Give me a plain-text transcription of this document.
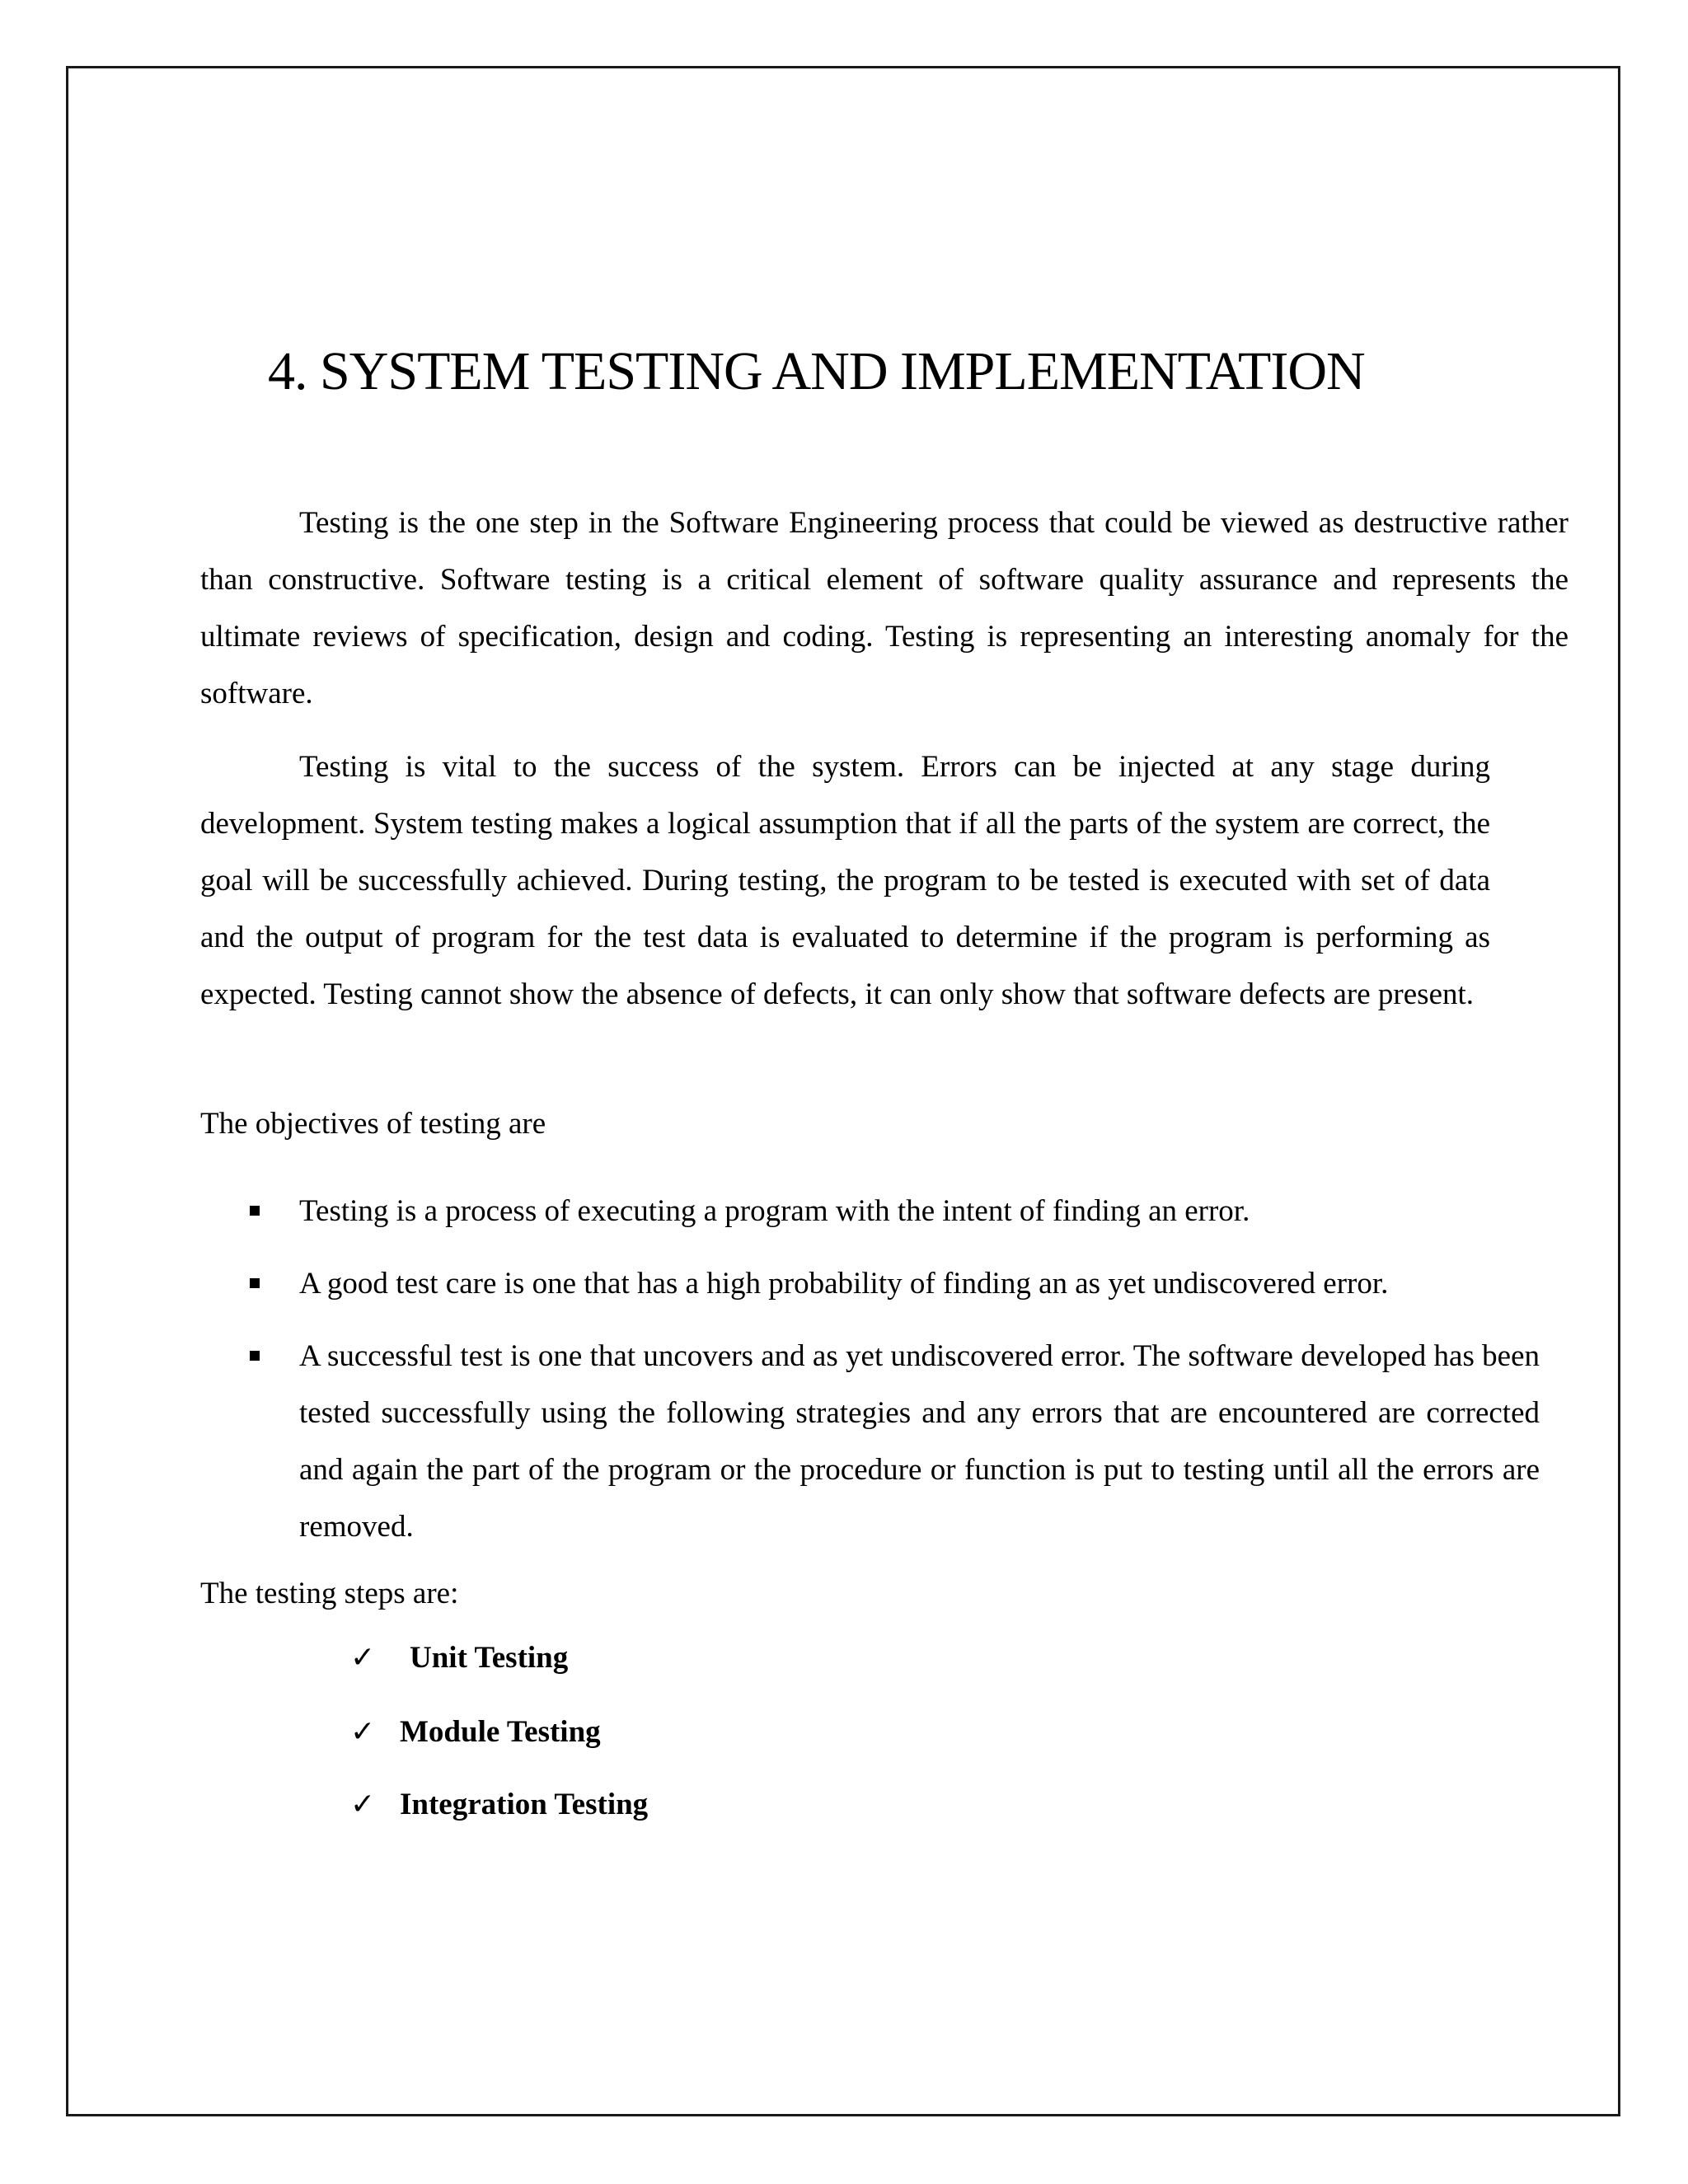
4. SYSTEM TESTING AND IMPLEMENTATION

Testing is the one step in the Software Engineering process that could be viewed as destructive rather than constructive. Software testing is a critical element of software quality assurance and represents the ultimate reviews of specification, design and coding. Testing is representing an interesting anomaly for the software.

Testing is vital to the success of the system. Errors can be injected at any stage during development. System testing makes a logical assumption that if all the parts of the system are correct, the goal will be successfully achieved. During testing, the program to be tested is executed with set of data and the output of program for the test data is evaluated to determine if the program is performing as expected. Testing cannot show the absence of defects, it can only show that software defects are present.

The objectives of testing are

Testing is a process of executing a program with the intent of finding an error.

A good test care is one that has a high probability of finding an as yet undiscovered error.

A successful test is one that uncovers and as yet undiscovered error. The software developed has been tested successfully using the following strategies and any errors that are encountered are corrected and again the part of the program or the procedure or function is put to testing until all the errors are removed.

The testing steps are:
✓ Unit Testing
✓ Module Testing
✓ Integration Testing
